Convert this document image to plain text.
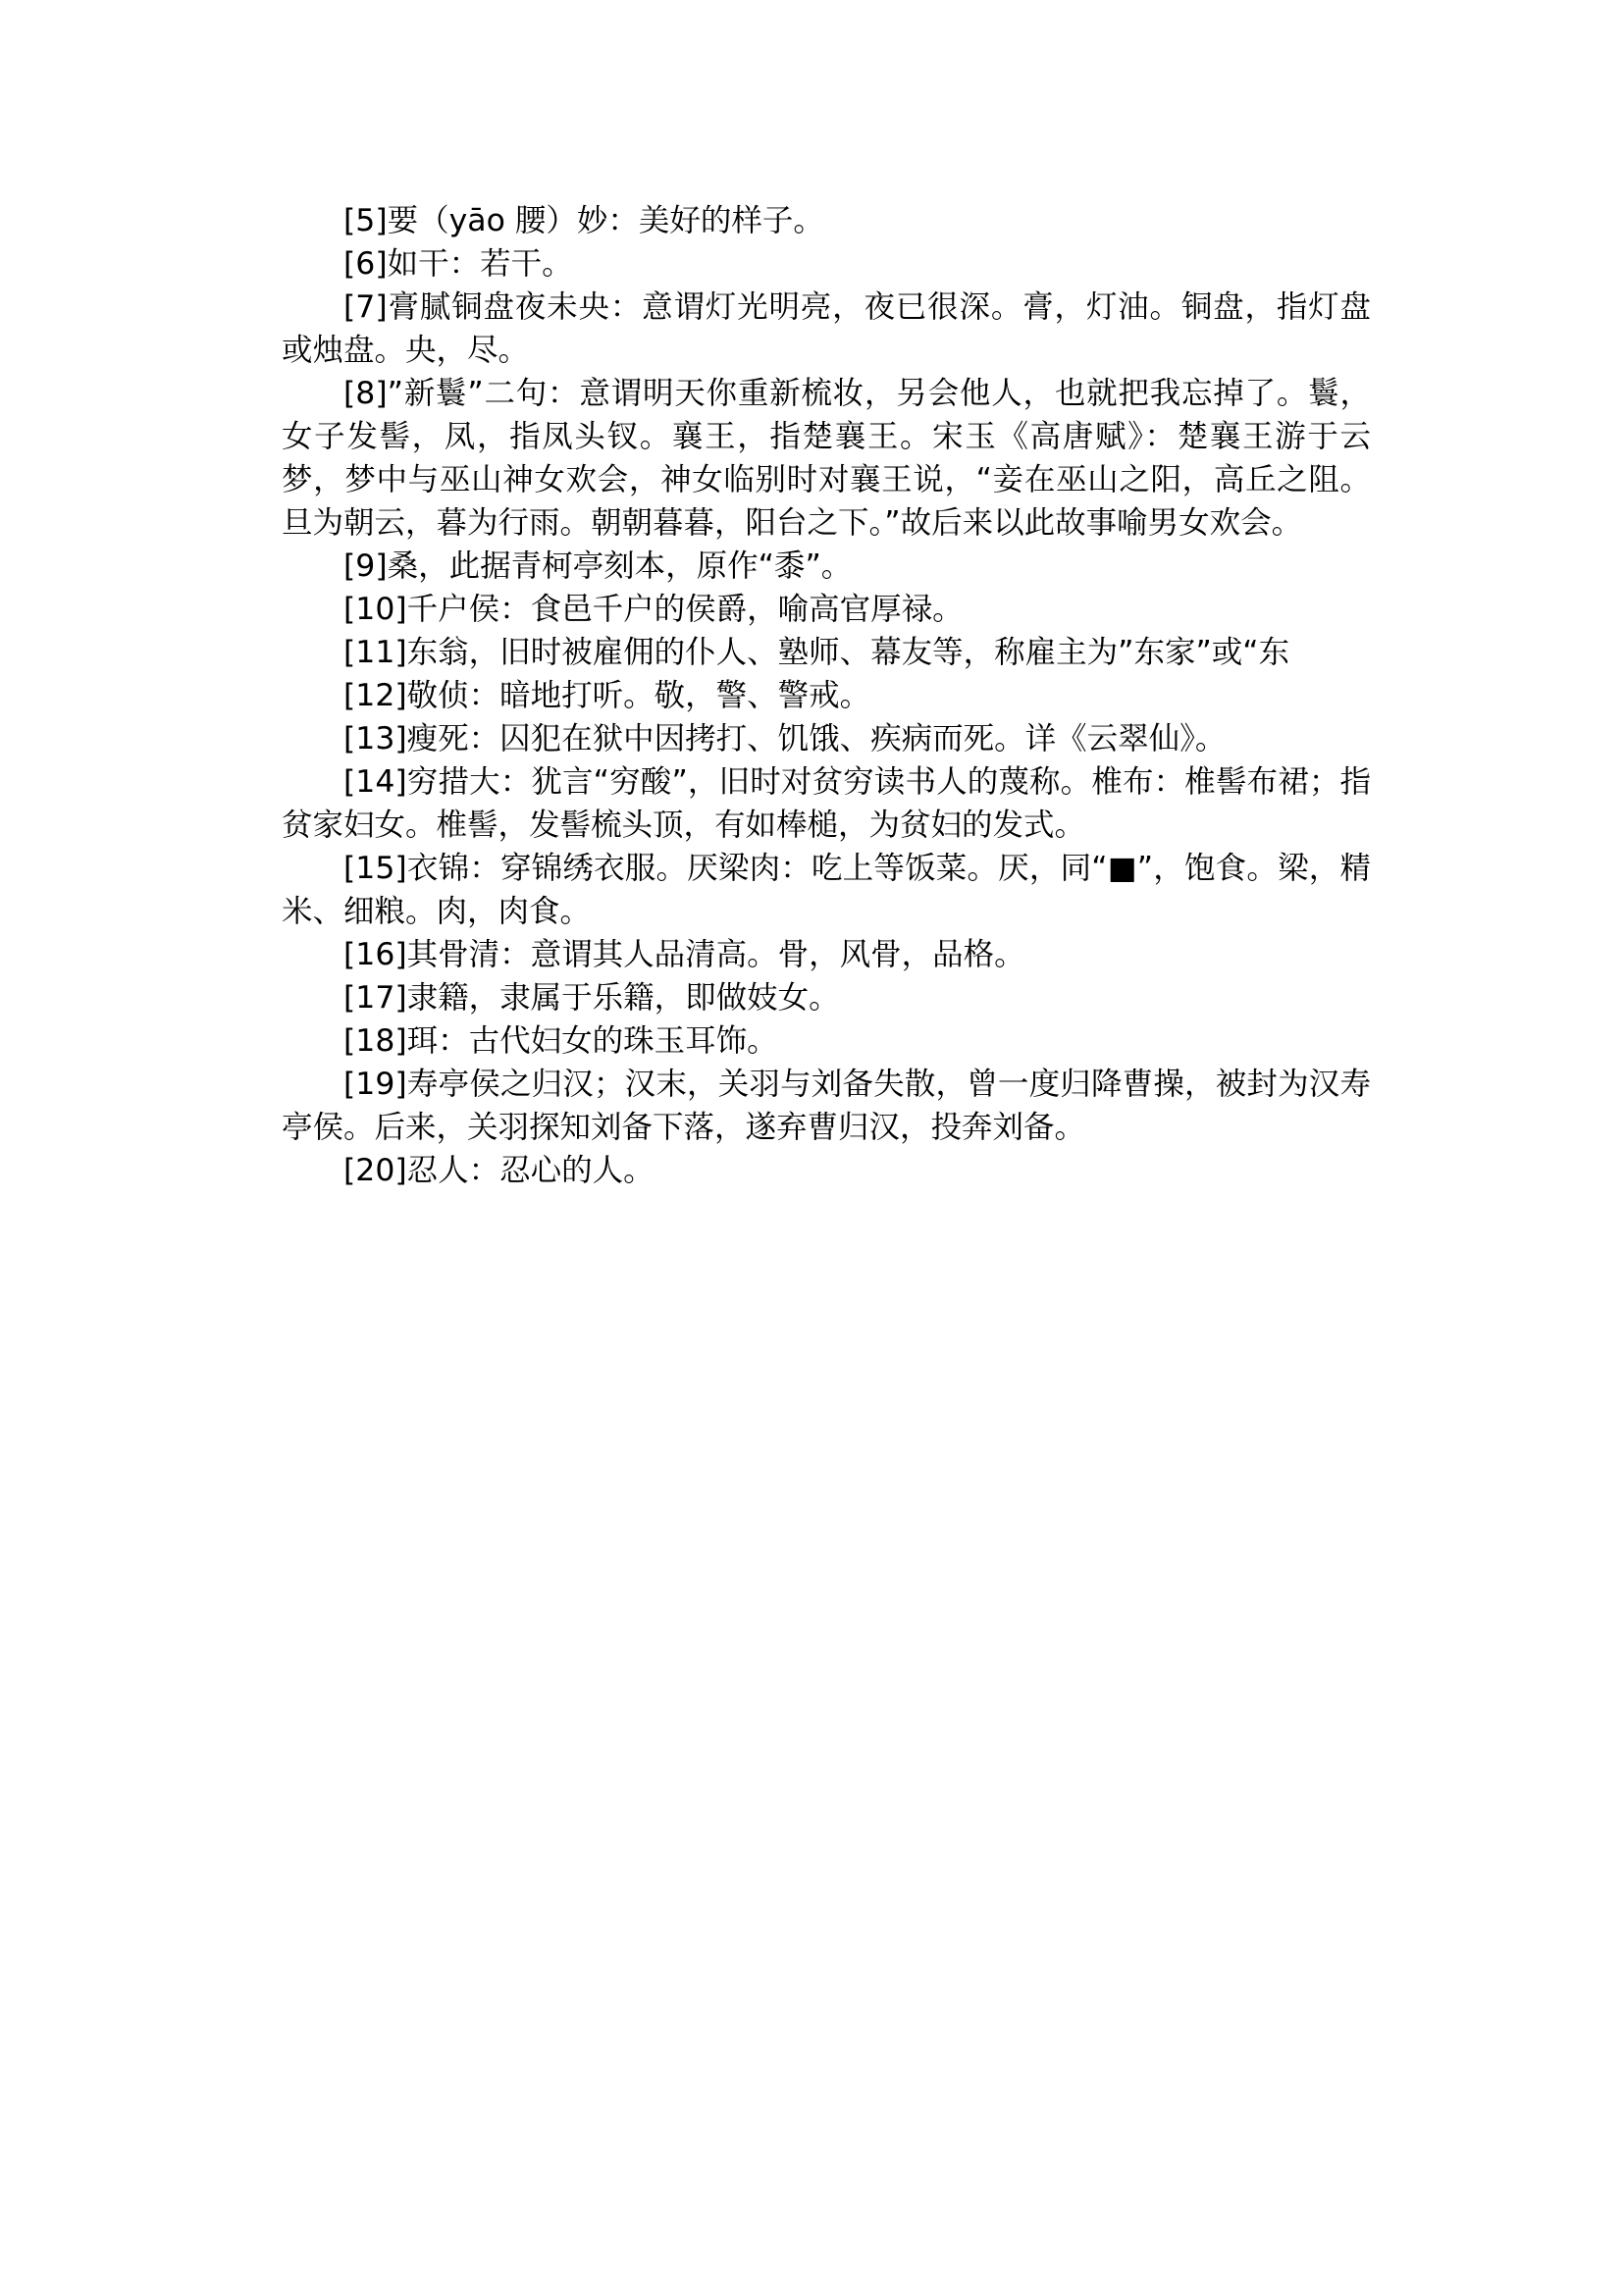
[5]要（yāo 腰）妙：美好的样子。

[6]如干：若干。

[7]膏腻铜盘夜未央：意谓灯光明亮，夜已很深。膏，灯油。铜盘，指灯盘或烛盘。央，尽。

[8]”新鬟”二句：意谓明天你重新梳妆，另会他人，也就把我忘掉了。鬟，女子发髻，凤，指凤头钗。襄王，指楚襄王。宋玉《高唐赋》：楚襄王游于云梦，梦中与巫山神女欢会，神女临别时对襄王说，“妾在巫山之阳，高丘之阻。旦为朝云，暮为行雨。朝朝暮暮，阳台之下。”故后来以此故事喻男女欢会。

[9]桑，此据青柯亭刻本，原作“黍”。

[10]千户侯：食邑千户的侯爵，喻高官厚禄。

[11]东翁，旧时被雇佣的仆人、塾师、幕友等，称雇主为”东家”或“东

[12]敬侦：暗地打听。敬，警、警戒。

[13]瘦死：囚犯在狱中因拷打、饥饿、疾病而死。详《云翠仙》。

[14]穷措大：犹言“穷酸”，旧时对贫穷读书人的蔑称。椎布：椎髻布裙；指贫家妇女。椎髻，发髻梳头顶，有如棒槌，为贫妇的发式。

[15]衣锦：穿锦绣衣服。厌梁肉：吃上等饭菜。厌，同“■”，饱食。梁，精米、细粮。肉，肉食。

[16]其骨清：意谓其人品清高。骨，风骨，品格。

[17]隶籍，隶属于乐籍，即做妓女。

[18]珥：古代妇女的珠玉耳饰。

[19]寿亭侯之归汉；汉末，关羽与刘备失散，曾一度归降曹操，被封为汉寿亭侯。后来，关羽探知刘备下落，遂弃曹归汉，投奔刘备。

[20]忍人：忍心的人。
